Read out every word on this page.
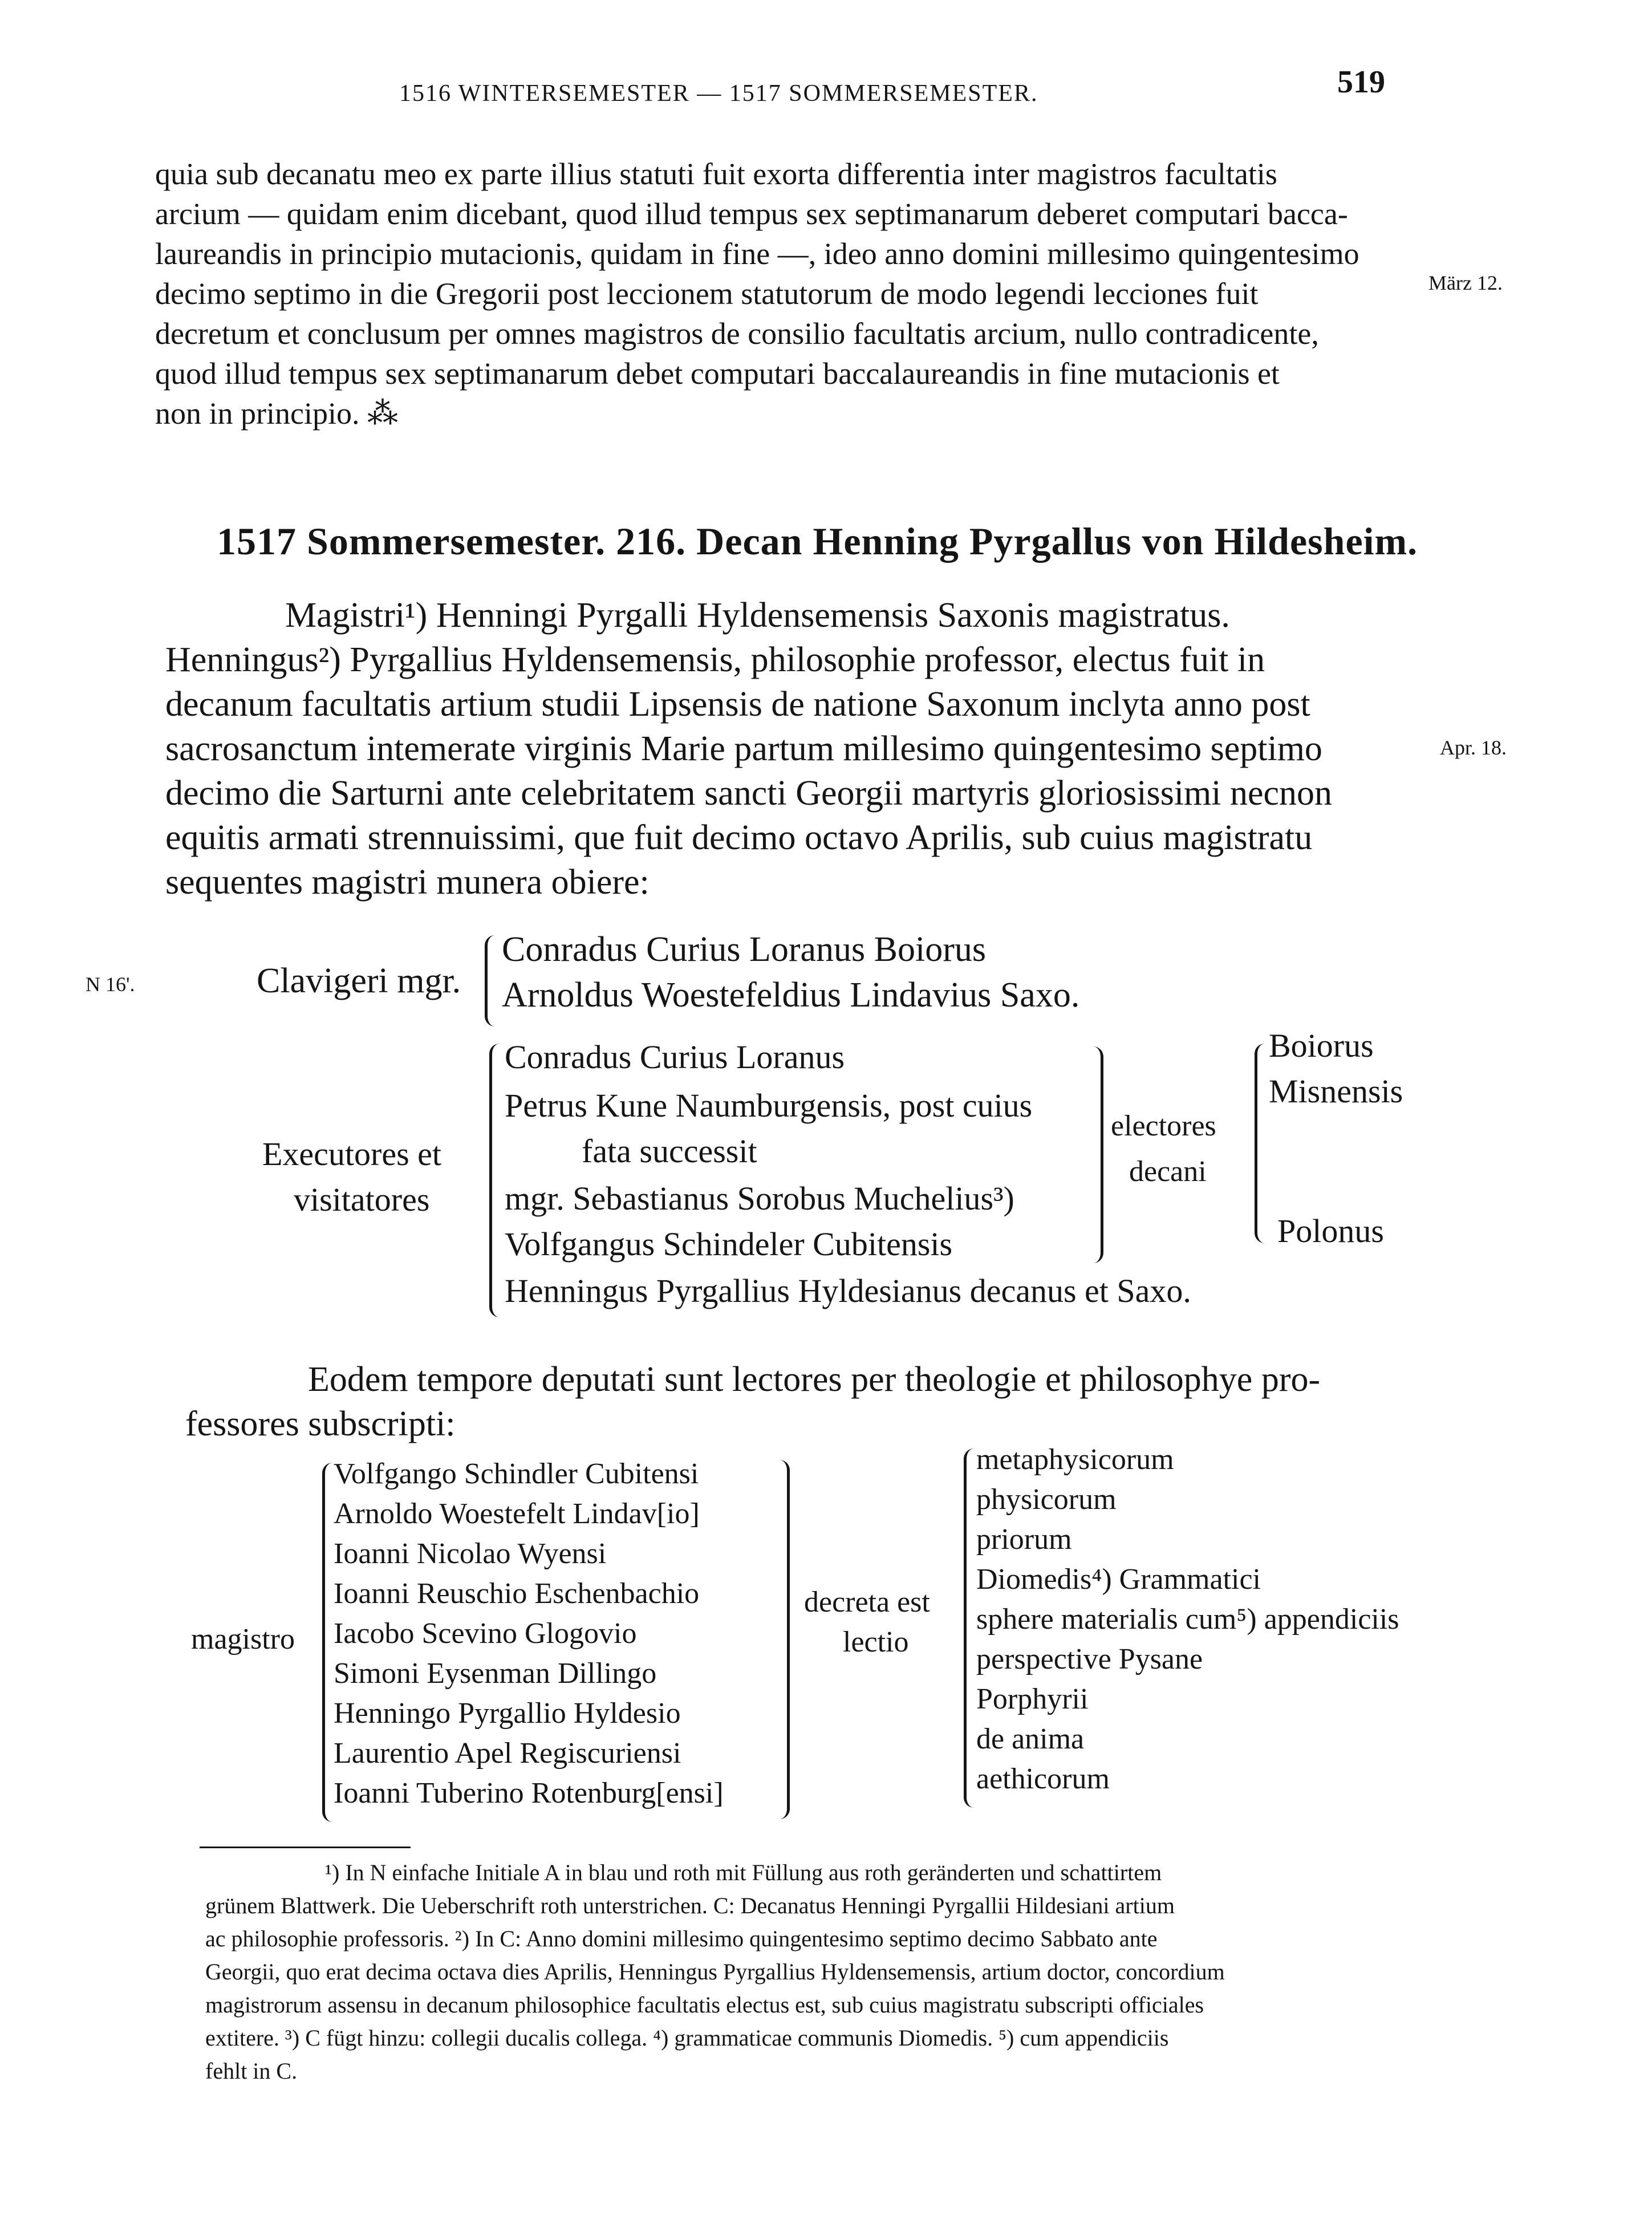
1516 WINTERSEMESTER — 1517 SOMMERSEMESTER.	519
quia sub decanatu meo ex parte illius statuti fuit exorta differentia inter magistros facultatis
arcium — quidam enim dicebant, quod illud tempus sex septimanarum deberet computari bacca-
laureandis in principio mutacionis, quidam in fine —, ideo anno domini millesimo quingentesimo
decimo septimo in die Gregorii post leccionem statutorum de modo legendi lecciones fuit
decretum et conclusum per omnes magistros de consilio facultatis arcium, nullo contradicente,
quod illud tempus sex septimanarum debet computari baccalaureandis in fine mutacionis et
non in principio. ⁂
März 12.
1517 Sommersemester. 216. Decan Henning Pyrgallus von Hildesheim.
Magistri¹) Henningi Pyrgalli Hyldensemensis Saxonis magistratus.
Henningus²) Pyrgallius Hyldensemensis, philosophie professor, electus fuit in
decanum facultatis artium studii Lipsensis de natione Saxonum inclyta anno post
sacrosanctum intemerate virginis Marie partum millesimo quingentesimo septimo
decimo die Sarturni ante celebritatem sancti Georgii martyris gloriosissimi necnon
equitis armati strennuissimi, que fuit decimo octavo Aprilis, sub cuius magistratu
sequentes magistri munera obiere:
Apr. 18.
N 16'.	Clavigeri mgr.
Conradus Curius Loranus Boiorus
Arnoldus Woestefeldius Lindavius Saxo.
Executores et
visitatores
Conradus Curius Loranus
Petrus Kune Naumburgensis, post cuius
fata successit
mgr. Sebastianus Sorobus Muchelius³)
Volfgangus Schindeler Cubitensis
Henningus Pyrgallius Hyldesianus decanus et Saxo.
electores
decani
Boiorus
Misnensis
Polonus
Eodem tempore deputati sunt lectores per theologie et philosophye pro-
fessores subscripti:
magistro
Volfgango Schindler Cubitensi
Arnoldo Woestefelt Lindav[io]
Ioanni Nicolao Wyensi
Ioanni Reuschio Eschenbachio
Iacobo Scevino Glogovio
Simoni Eysenman Dillingo
Henningo Pyrgallio Hyldesio
Laurentio Apel Regiscuriensi
Ioanni Tuberino Rotenburg[ensi]
decreta est
lectio
metaphysicorum
physicorum
priorum
Diomedis⁴) Grammatici
sphere materialis cum⁵) appendiciis
perspective Pysane
Porphyrii
de anima
aethicorum
¹) In N einfache Initiale A in blau und roth mit Füllung aus roth geränderten und schattirtem
grünem Blattwerk. Die Ueberschrift roth unterstrichen. C: Decanatus Henningi Pyrgallii Hildesiani artium
ac philosophie professoris. ²) In C: Anno domini millesimo quingentesimo septimo decimo Sabbato ante
Georgii, quo erat decima octava dies Aprilis, Henningus Pyrgallius Hyldensemensis, artium doctor, concordium
magistrorum assensu in decanum philosophice facultatis electus est, sub cuius magistratu subscripti officiales
extitere. ³) C fügt hinzu: collegii ducalis collega. ⁴) grammaticae communis Diomedis. ⁵) cum appendiciis
fehlt in C.
